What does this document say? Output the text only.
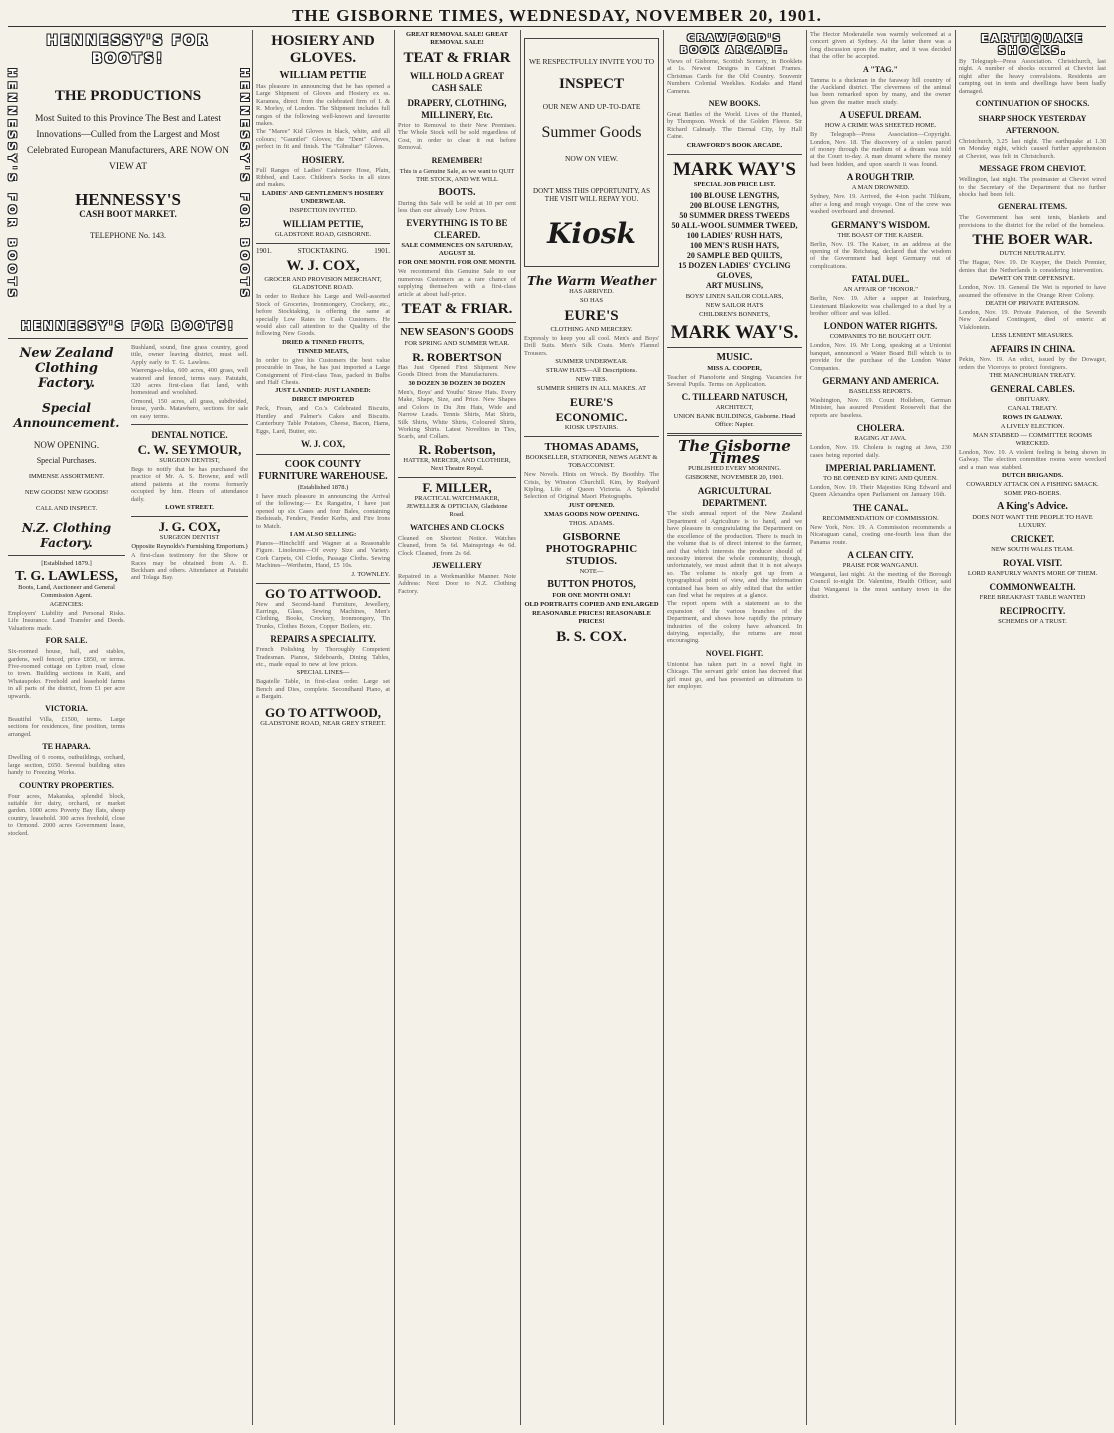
THE GISBORNE TIMES, WEDNESDAY, NOVEMBER 20, 1901.
HENNESSY'S FOR BOOTS!
HENNESSY'S FOR BOOTS	THE PRODUCTIONS
Most Suited to this Province The Best and Latest Innovations—Culled from the Largest and Most Celebrated European Manufacturers, ARE NOW ON VIEW AT
HENNESSY'S
CASH BOOT MARKET.
TELEPHONE No. 143.	HENNESSY'S FOR BOOTS
HENNESSY'S FOR BOOTS!
New Zealand Clothing Factory.
Special Announcement.
NOW OPENING.
Special Purchases.
IMMENSE ASSORTMENT.
NEW GOODS! NEW GOODS!
CALL AND INSPECT.
N.Z. Clothing Factory.
[Established 1879.]
T. G. LAWLESS,
Boots, Land, Auctioneer and General Commission Agent.
AGENCIES:
Employers' Liability and Personal Risks. Life Insurance. Land Transfer and Deeds. Valuations made.
FOR SALE.
Six-roomed house, hall, and stables, gardens, well fenced, price £850, or terms. Five-roomed cottage on Lytton road, close to town. Building sections in Kaiti, and Whataupoko. Freehold and leasehold farms in all parts of the district, from £1 per acre upwards.
VICTORIA.
Beautiful Villa, £1500, terms. Large sections for residences, fine position, terms arranged.
TE HAPARA.
Dwelling of 6 rooms, outbuildings, orchard, large section, £650. Several building sites handy to Freezing Works.
COUNTRY PROPERTIES.
Four acres, Makaraka, splendid block, suitable for dairy, orchard, or market garden. 1000 acres Poverty Bay flats, sheep country, leasehold. 300 acres freehold, close to Ormond. 2000 acres Government lease, stocked.
Bushland, sound, fine grass country, good title, owner leaving district, must sell. Apply early to T. G. Lawless.
Waerenga-a-hika, 600 acres, 400 grass, well watered and fenced, terms easy. Patutahi, 320 acres first-class flat land, with homestead and woolshed.
Ormond, 150 acres, all grass, subdivided, house, yards. Matawhero, sections for sale on easy terms.
DENTAL NOTICE.
C. W. SEYMOUR,
SURGEON DENTIST,
Begs to notify that he has purchased the practice of Mr. A. S. Browne, and will attend patients at the rooms formerly occupied by him. Hours of attendance daily.
LOWE STREET.
J. G. COX,
SURGEON DENTIST
Opposite Reynolds's Furnishing Emporium.)
A first-class testimony for the Show or Races may be obtained from A. E. Beckham and others. Attendance at Patutahi and Tolaga Bay.
HOSIERY AND GLOVES.
WILLIAM PETTIE
Has pleasure in announcing that he has opened a Large Shipment of Gloves and Hosiery ex ss. Karamea, direct from the celebrated firm of I. & R. Morley, of London. The Shipment includes full ranges of the following well-known and favourite makes.
The "Maree" Kid Gloves in black, white, and all colours; "Gauntlet" Gloves; the "Dent" Gloves, perfect in fit and finish. The "Gibraltar" Gloves.
HOSIERY.
Full Ranges of Ladies' Cashmere Hose, Plain, Ribbed, and Lace. Children's Socks in all sizes and makes.
LADIES' AND GENTLEMEN'S HOSIERY UNDERWEAR.
INSPECTION INVITED.
WILLIAM PETTIE,
GLADSTONE ROAD, GISBORNE.
1901.	STOCKTAKING.	1901.
W. J. COX,
GROCER AND PROVISION MERCHANT, GLADSTONE ROAD.
In order to Reduce his Large and Well-assorted Stock of Groceries, Ironmongery, Crockery, etc., before Stocktaking, is offering the same at specially Low Rates to Cash Customers. He would also call attention to the Quality of the following New Goods.
DRIED & TINNED FRUITS,
TINNED MEATS,
In order to give his Customers the best value procurable in Teas, he has just imported a Large Consignment of First-class Teas, packed in Bulbs and Half Chests.
JUST LANDED: JUST LANDED:
DIRECT IMPORTED
Peck, Frean, and Co.'s Celebrated Biscuits, Huntley and Palmer's Cakes and Biscuits. Canterbury Table Potatoes, Cheese, Bacon, Hams, Eggs, Lard, Butter, etc.
W. J. COX,
COOK COUNTY FURNITURE WAREHOUSE.
(Established 1878.)
I have much pleasure in announcing the Arrival of the following:— Ex Rangatira, I have just opened up six Cases and four Bales, containing Bedsteads, Fenders, Fender Kerbs, and Fire Irons to Match.
I AM ALSO SELLING:
Pianos—Hinchcliff and Wagner at a Reasonable Figure. Linoleums—Of every Size and Variety. Cork Carpets, Oil Cloths, Passage Cloths. Sewing Machines—Wertheim, Hand, £5 10s.
J. TOWNLEY.
GO TO ATTWOOD.
New and Second-hand Furniture, Jewellery, Earrings, Glass, Sewing Machines, Men's Clothing, Books, Crockery, Ironmongery, Tin Trunks, Clothes Boxes, Copper Boilers, etc.
REPAIRS A SPECIALITY.
French Polishing by Thoroughly Competent Tradesman. Pianos, Sideboards, Dining Tables, etc., made equal to new at low prices.
SPECIAL LINES—
Bagatelle Table, in first-class order. Large set Bench and Dies, complete. Secondhand Piano, at a Bargain.
GO TO ATTWOOD,
GLADSTONE ROAD, NEAR GREY STREET.
GREAT REMOVAL SALE! GREAT REMOVAL SALE!
TEAT & FRIAR
WILL HOLD A GREAT CASH SALE
DRAPERY, CLOTHING, MILLINERY, Etc.
Prior to Removal to their New Premises. The Whole Stock will be sold regardless of Cost, in order to clear it out before Removal.
REMEMBER!
This is a Genuine Sale, as we want to QUIT THE STOCK, AND WE WILL
BOOTS.
During this Sale will be sold at 10 per cent less than our already Low Prices.
EVERYTHING IS TO BE CLEARED.
SALE COMMENCES ON SATURDAY, AUGUST 3I.
FOR ONE MONTH. FOR ONE MONTH.
We recommend this Genuine Sale to our numerous Customers as a rare chance of supplying themselves with a first-class article at about half-price.
TEAT & FRIAR.
NEW SEASON'S GOODS
FOR SPRING AND SUMMER WEAR.
R. ROBERTSON
Has Just Opened First Shipment New Goods Direct from the Manufacturers.
30 DOZEN 30 DOZEN 30 DOZEN
Men's, Boys' and Youths' Straw Hats. Every Make, Shape, Size, and Price. New Shapes and Colors in Du Jim Hats, Wide and Narrow Leads. Tennis Shirts, Mat Shirts, Silk Shirts, White Shirts, Coloured Shirts, Working Shirts. Latest Novelties in Ties, Scarfs, and Collars.
R. Robertson,
HATTER, MERCER, AND CLOTHIER, Next Theatre Royal.
F. MILLER,
PRACTICAL WATCHMAKER, JEWELLER & OPTICIAN, Gladstone Road.
WATCHES AND CLOCKS
Cleaned on Shortest Notice. Watches Cleaned, from 5s 6d. Mainsprings 4s 6d. Clock Cleaned, from 2s 6d.
JEWELLERY
Repaired in a Workmanlike Manner. Note Address: Next Door to N.Z. Clothing Factory.
WE RESPECTFULLY INVITE YOU TO
INSPECT
OUR NEW AND UP-TO-DATE
Summer Goods
NOW ON VIEW.
DON'T MISS THIS OPPORTUNITY, AS THE VISIT WILL REPAY YOU.
Kiosk
The Warm Weather
HAS ARRIVED.
SO HAS
EURE'S
CLOTHING AND MERCERY.
Expressly to keep you all cool. Men's and Boys' Drill Suits. Men's Silk Coats. Men's Flannel Trousers.
SUMMER UNDERWEAR.
STRAW HATS—All Descriptions.
NEW TIES.
SUMMER SHIRTS IN ALL MAKES. AT
EURE'S
ECONOMIC.
KIOSK UPSTAIRS.
THOMAS ADAMS,
BOOKSELLER, STATIONER, NEWS AGENT & TOBACCONIST.
New Novels. Hints on Wreck. By Boothby. The Crisis, by Winston Churchill. Kim, by Rudyard Kipling. Life of Queen Victoria. A Splendid Selection of Original Maori Photographs.
JUST OPENED.
XMAS GOODS NOW OPENING.
THOS. ADAMS.
GISBORNE PHOTOGRAPHIC STUDIOS.
NOTE—
BUTTON PHOTOS,
FOR ONE MONTH ONLY!
OLD PORTRAITS COPIED AND ENLARGED
REASONABLE PRICES! REASONABLE PRICES!
B. S. COX.
CRAWFORD'S BOOK ARCADE.
Views of Gisborne, Scottish Scenery, in Booklets at 1s. Newest Designs in Cabinet Frames. Christmas Cards for the Old Country. Souvenir Numbers Colonial Weeklies. Kodaks and Hand Cameras.
NEW BOOKS.
Great Battles of the World. Lives of the Hunted, by Thompson. Wreck of the Golden Fleece. Sir Richard Calmady. The Eternal City, by Hall Caine.
CRAWFORD'S BOOK ARCADE.
MARK WAY'S
SPECIAL JOB PRICE LIST.
100 BLOUSE LENGTHS,
200 BLOUSE LENGTHS,
50 SUMMER DRESS TWEEDS
50 ALL-WOOL SUMMER TWEED,
100 LADIES' RUSH HATS,
100 MEN'S RUSH HATS,
20 SAMPLE BED QUILTS,
15 DOZEN LADIES' CYCLING GLOVES,
ART MUSLINS,
BOYS' LINEN SAILOR COLLARS,
NEW SAILOR HATS
CHILDREN'S BONNETS,
MARK WAY'S.
MUSIC.
MISS A. COOPER,
Teacher of Pianoforte and Singing. Vacancies for Several Pupils. Terms on Application.
C. TILLEARD NATUSCH,
ARCHITECT,
UNION BANK BUILDINGS, Gisborne. Head Office: Napier.
The Gisborne Times
PUBLISHED EVERY MORNING.
GISBORNE, NOVEMBER 20, 1901.
AGRICULTURAL DEPARTMENT.
The sixth annual report of the New Zealand Department of Agriculture is to hand, and we have pleasure in congratulating the Department on the excellence of the production. There is much in the volume that is of direct interest to the farmer, and that which interests the producer should of necessity interest the whole community, though, unfortunately, we must admit that it is not always so. The volume is nicely got up from a typographical point of view, and the information contained has been so ably edited that the settler can find what he requires at a glance.
The report opens with a statement as to the expansion of the various branches of the Department, and shows how rapidly the primary industries of the colony have advanced. In dairying, especially, the returns are most encouraging.
NOVEL FIGHT.
Unionist has taken part in a novel fight in Chicago. The servant girls' union has decreed that girl must go, and has presented an ultimatum to her employer.
The Hector Moderatelle was warmly welcomed at a concert given at Sydney. At the latter there was a long discussion upon the matter, and it was decided that the offer be accepted.
A "TAG."
Tamma is a duckman in the faraway hill country of the Auckland district. The cleverness of the animal has been remarked upon by many, and the owner has given the matter much study.
A USEFUL DREAM.
HOW A CRIME WAS SHEETED HOME.
By Telegraph—Press Association—Copyright. London, Nov. 18. The discovery of a stolen parcel of money through the medium of a dream was told at the Court to-day. A man dreamt where the money had been hidden, and upon search it was found.
A ROUGH TRIP.
A MAN DROWNED.
Sydney, Nov. 19. Arrived, the 4-ton yacht Tilikum, after a long and rough voyage. One of the crew was washed overboard and drowned.
GERMANY'S WISDOM.
THE BOAST OF THE KAISER.
Berlin, Nov. 19. The Kaiser, in an address at the opening of the Reichstag, declared that the wisdom of the Government had kept Germany out of complications.
FATAL DUEL.
AN AFFAIR OF "HONOR."
Berlin, Nov. 19. After a supper at Insterburg, Lieutenant Blaskowitz was challenged to a duel by a brother officer and was killed.
LONDON WATER RIGHTS.
COMPANIES TO BE BOUGHT OUT.
London, Nov. 19. Mr Long, speaking at a Unionist banquet, announced a Water Board Bill which is to provide for the purchase of the London Water Companies.
GERMANY AND AMERICA.
BASELESS REPORTS.
Washington, Nov. 19. Count Holleben, German Minister, has assured President Roosevelt that the reports are baseless.
CHOLERA.
RAGING AT JAVA.
London, Nov. 19. Cholera is raging at Java, 230 cases being reported daily.
IMPERIAL PARLIAMENT.
TO BE OPENED BY KING AND QUEEN.
London, Nov. 19. Their Majesties King Edward and Queen Alexandra open Parliament on January 16th.
THE CANAL.
RECOMMENDATION OF COMMISSION.
New York, Nov. 19. A Commission recommends a Nicaraguan canal, costing one-fourth less than the Panama route.
A CLEAN CITY.
PRAISE FOR WANGANUI.
Wanganui, last night. At the meeting of the Borough Council to-night Dr. Valentine, Health Officer, said that Wanganui is the most sanitary town in the district.
EARTHQUAKE SHOCKS.
By Telegraph—Press Association. Christchurch, last night. A number of shocks occurred at Cheviot last night after the heavy convulsions. Residents are camping out in tents and dwellings have been badly damaged.
CONTINUATION OF SHOCKS.
SHARP SHOCK YESTERDAY AFTERNOON.
Christchurch, 3.25 last night. The earthquake at 1.30 on Monday night, which caused further apprehension at Cheviot, was felt in Christchurch.
MESSAGE FROM CHEVIOT.
Wellington, last night. The postmaster at Cheviot wired to the Secretary of the Department that no further shocks had been felt.
GENERAL ITEMS.
The Government has sent tents, blankets and provisions to the district for the relief of the homeless.
THE BOER WAR.
DUTCH NEUTRALITY.
The Hague, Nov. 19. Dr Kuyper, the Dutch Premier, denies that the Netherlands is considering intervention.
DeWET ON THE OFFENSIVE.
London, Nov. 19. General De Wet is reported to have assumed the offensive in the Orange River Colony.
DEATH OF PRIVATE PATERSON.
London, Nov. 19. Private Paterson, of the Seventh New Zealand Contingent, died of enteric at Vlakfontein.
LESS LENIENT MEASURES.
AFFAIRS IN CHINA.
Pekin, Nov. 19. An edict, issued by the Dowager, orders the Viceroys to protect foreigners.
THE MANCHURIAN TREATY.
GENERAL CABLES.
OBITUARY.
CANAL TREATY.
ROWS IN GALWAY.
A LIVELY ELECTION.
MAN STABBED — COMMITTEE ROOMS WRECKED.
London, Nov. 19. A violent feeling is being shown in Galway. The election committee rooms were wrecked and a man was stabbed.
DUTCH BRIGANDS.
COWARDLY ATTACK ON A FISHING SMACK.
SOME PRO-BOERS.
A King's Advice.
DOES NOT WANT THE PEOPLE TO HAVE LUXURY.
CRICKET.
NEW SOUTH WALES TEAM.
ROYAL VISIT.
LORD RANFURLY WANTS MORE OF THEM.
COMMONWEALTH.
FREE BREAKFAST TABLE WANTED
RECIPROCITY.
SCHEMES OF A TRUST.
